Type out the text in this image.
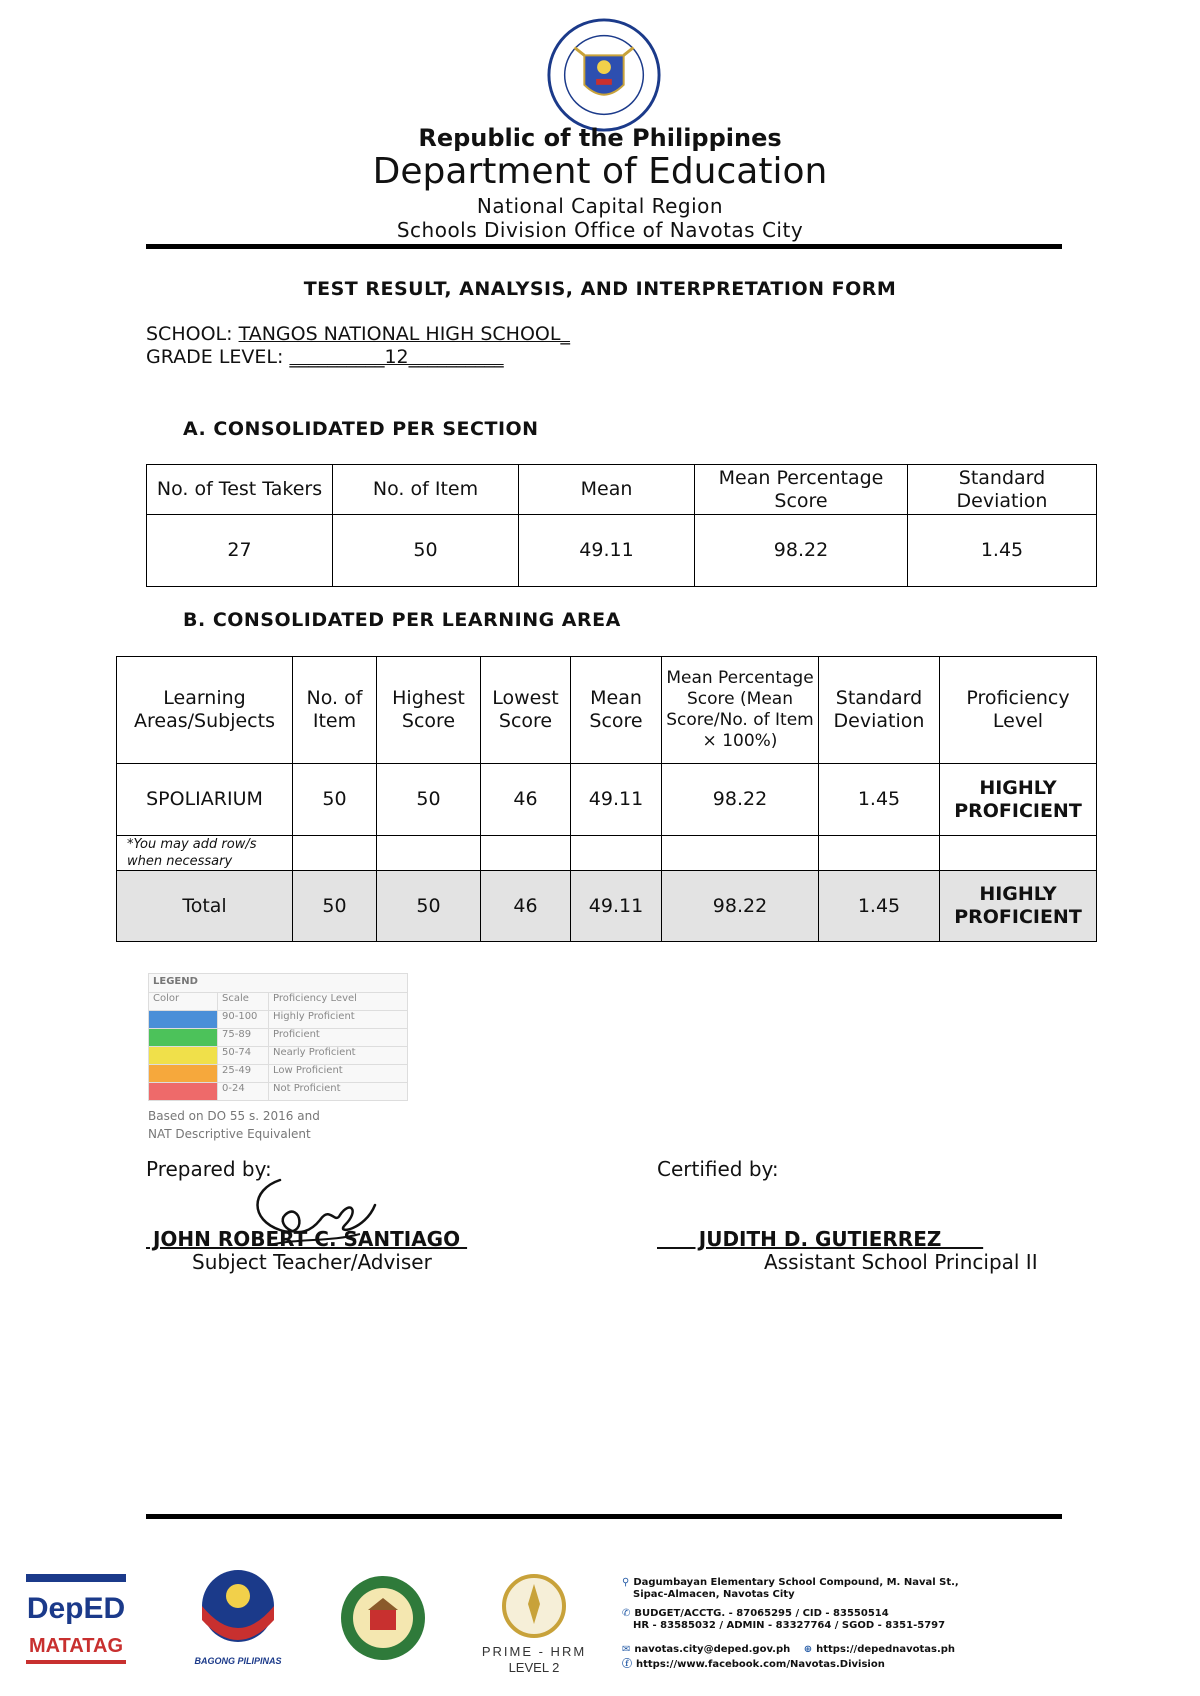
Republic of the Philippines
Department of Education
National Capital Region
Schools Division Office of Navotas City
TEST RESULT, ANALYSIS, AND INTERPRETATION FORM
SCHOOL: TANGOS NATIONAL HIGH SCHOOL_
GRADE LEVEL: __________12__________
A. CONSOLIDATED PER SECTION
No. of Test Takers	No. of Item	Mean	Mean Percentage Score	Standard Deviation
27	50	49.11	98.22	1.45
B. CONSOLIDATED PER LEARNING AREA
Learning Areas/Subjects	No. of Item	Highest Score	Lowest Score	Mean Score	Mean Percentage Score (Mean Score/No. of Item × 100%)	Standard Deviation	Proficiency Level
SPOLIARIUM	50	50	46	49.11	98.22	1.45	HIGHLY PROFICIENT
*You may add row/s when necessary							
Total	50	50	46	49.11	98.22	1.45	HIGHLY PROFICIENT
LEGEND
Color	Scale	Proficiency Level
90-100	Highly Proficient
75-89	Proficient
50-74	Nearly Proficient
25-49	Low Proficient
0-24	Not Proficient
Based on DO 55 s. 2016 and
NAT Descriptive Equivalent
Prepared by:	Certified by:
JOHN ROBERT C. SANTIAGO	JUDITH D. GUTIERREZ
Subject Teacher/Adviser	Assistant School Principal II
DepED
MATATAG
BAGONG PILIPINAS
PRIME - HRM
LEVEL 2
⚲ Dagumbayan Elementary School Compound, M. Naval St.,
Sipac-Almacen, Navotas City
✆ BUDGET/ACCTG. - 87065295 / CID - 83550514
HR - 83585032 / ADMIN - 83327764 / SGOD - 8351-5797
✉ navotas.city@deped.gov.ph ⊕ https://depednavotas.ph
ⓕ https://www.facebook.com/Navotas.Division
